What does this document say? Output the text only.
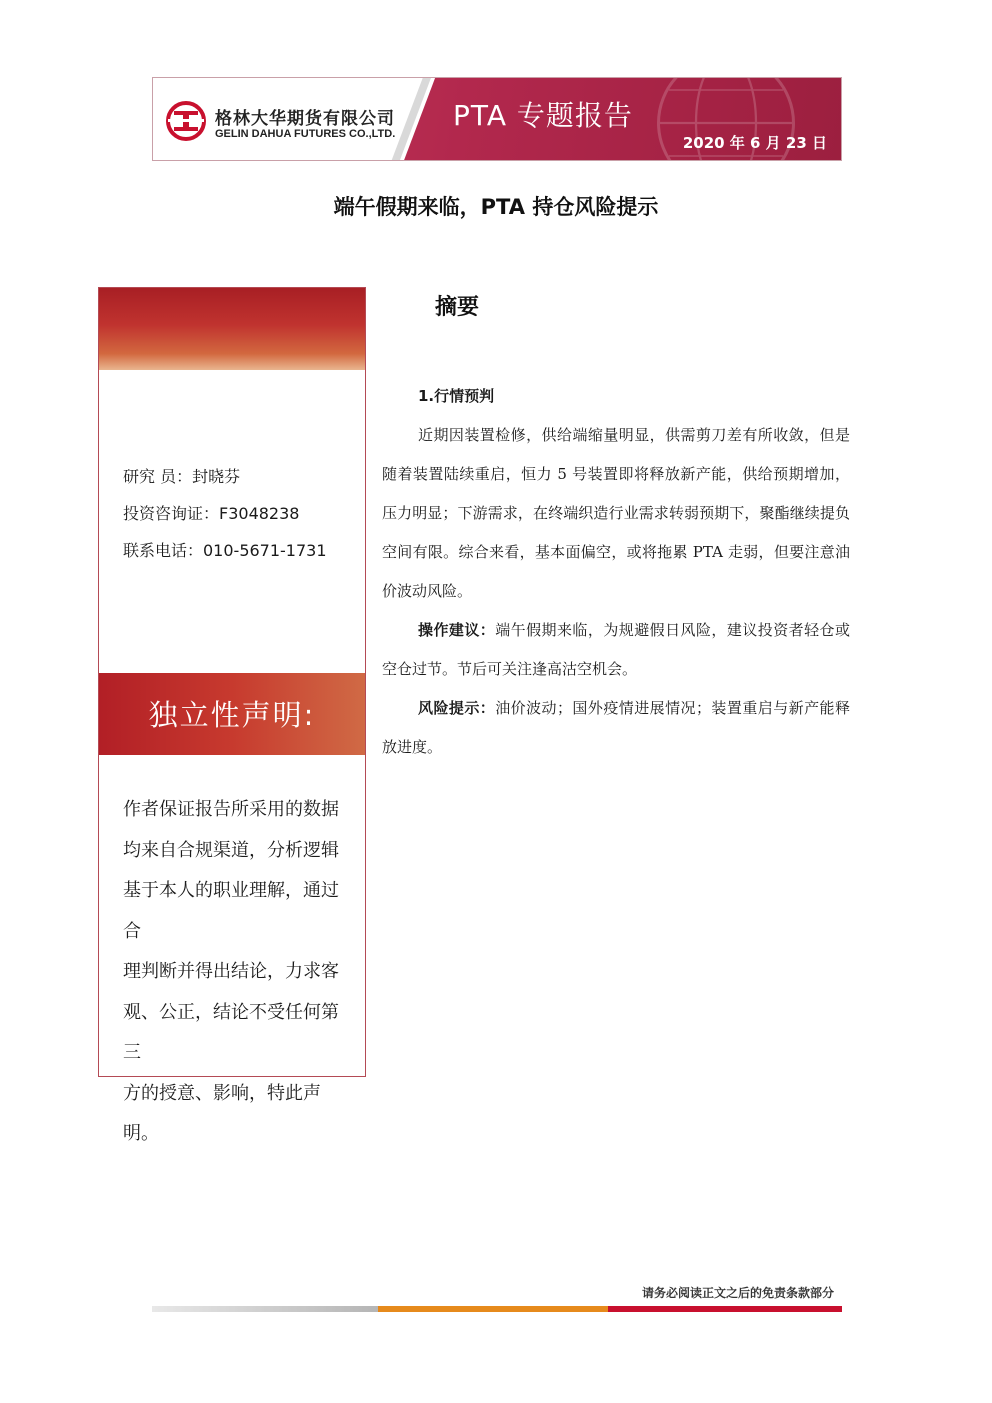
格林大华期货有限公司
GELIN DAHUA FUTURES CO.,LTD.
PTA 专题报告
2020 年 6 月 23 日
端午假期来临，PTA 持仓风险提示
研究 员：封晓芬
投资咨询证：F3048238
联系电话：010-5671-1731
独立性声明:
作者保证报告所采用的数据
均来自合规渠道，分析逻辑
基于本人的职业理解，通过合
理判断并得出结论，力求客
观、公正，结论不受任何第三
方的授意、影响，特此声明。
摘要
1.行情预判

近期因装置检修，供给端缩量明显，供需剪刀差有所收敛，但是随着装置陆续重启，恒力 5 号装置即将释放新产能，供给预期增加，压力明显；下游需求，在终端织造行业需求转弱预期下，聚酯继续提负空间有限。综合来看，基本面偏空，或将拖累 PTA 走弱，但要注意油价波动风险。

操作建议：端午假期来临，为规避假日风险，建议投资者轻仓或空仓过节。节后可关注逢高沽空机会。

风险提示：油价波动；国外疫情进展情况；装置重启与新产能释放进度。

请务必阅读正文之后的免责条款部分
